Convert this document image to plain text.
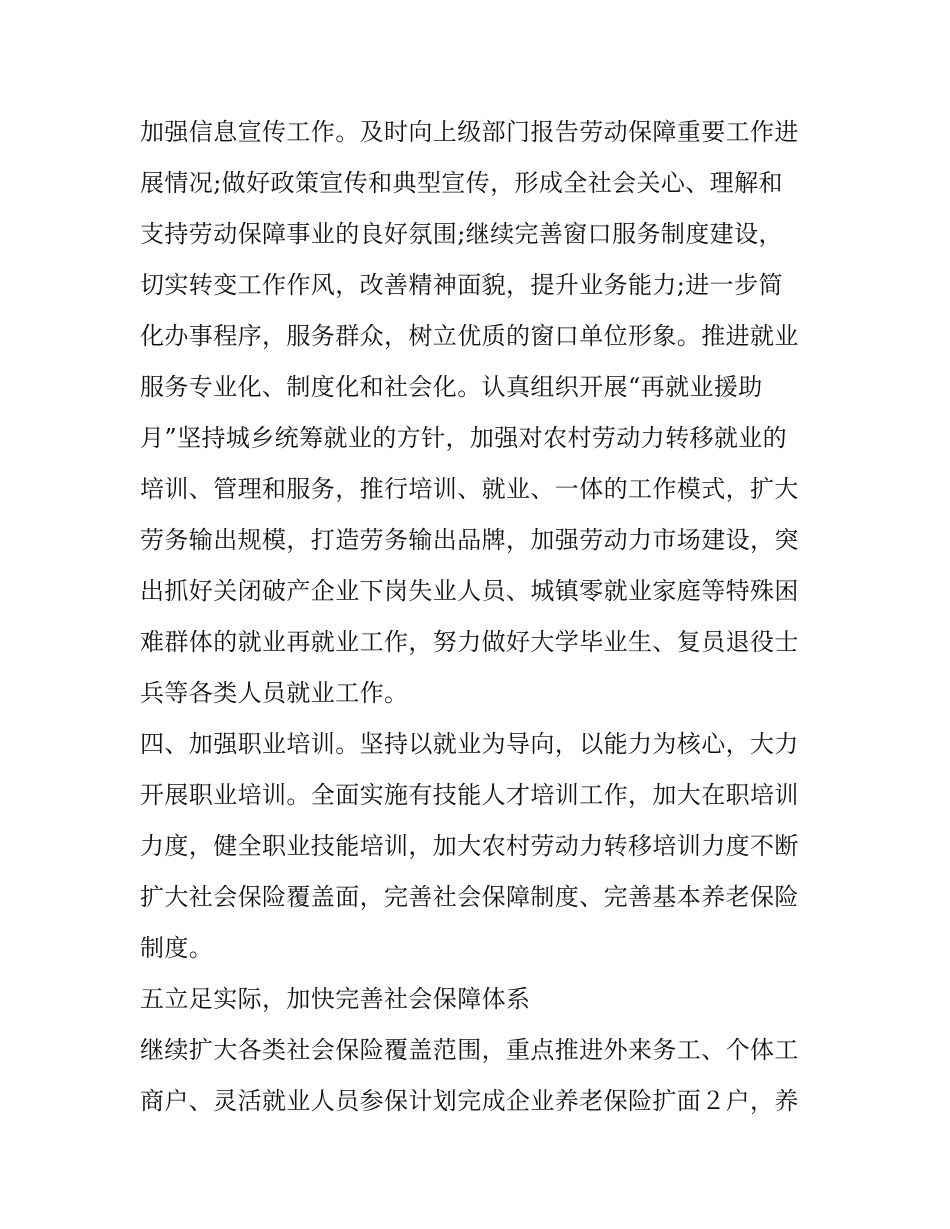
加强信息宣传工作。及时向上级部门报告劳动保障重要工作进
展情况;做好政策宣传和典型宣传，形成全社会关心、理解和
支持劳动保障事业的良好氛围;继续完善窗口服务制度建设，
切实转变工作作风，改善精神面貌，提升业务能力;进一步简
化办事程序，服务群众，树立优质的窗口单位形象。推进就业
服务专业化、制度化和社会化。认真组织开展“再就业援助
月”坚持城乡统筹就业的方针，加强对农村劳动力转移就业的
培训、管理和服务，推行培训、就业、一体的工作模式，扩大
劳务输出规模，打造劳务输出品牌，加强劳动力市场建设，突
出抓好关闭破产企业下岗失业人员、城镇零就业家庭等特殊困
难群体的就业再就业工作，努力做好大学毕业生、复员退役士
兵等各类人员就业工作。
四、加强职业培训。坚持以就业为导向，以能力为核心，大力
开展职业培训。全面实施有技能人才培训工作，加大在职培训
力度，健全职业技能培训，加大农村劳动力转移培训力度不断
扩大社会保险覆盖面，完善社会保障制度、完善基本养老保险
制度。
五立足实际，加快完善社会保障体系
继续扩大各类社会保险覆盖范围，重点推进外来务工、个体工
商户、灵活就业人员参保计划完成企业养老保险扩面２户，养
